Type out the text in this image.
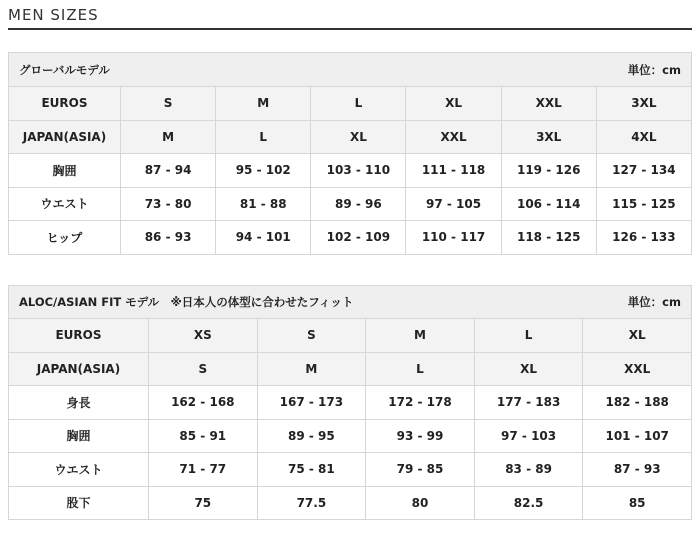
MEN SIZES
グローバルモデル 単位：cm						

EUROS	S	M	L	XL	XXL	3XL
JAPAN(ASIA)	M	L	XL	XXL	3XL	4XL
胸囲	87 - 94	95 - 102	103 - 110	111 - 118	119 - 126	127 - 134
ウエスト	73 - 80	81 - 88	89 - 96	97 - 105	106 - 114	115 - 125
ヒップ	86 - 93	94 - 101	102 - 109	110 - 117	118 - 125	126 - 133
ALOC/ASIAN FIT モデル　※日本人の体型に合わせたフィット 単位：cm					

EUROS	XS	S	M	L	XL
JAPAN(ASIA)	S	M	L	XL	XXL
身長	162 - 168	167 - 173	172 - 178	177 - 183	182 - 188
胸囲	85 - 91	89 - 95	93 - 99	97 - 103	101 - 107
ウエスト	71 - 77	75 - 81	79 - 85	83 - 89	87 - 93
股下	75	77.5	80	82.5	85
